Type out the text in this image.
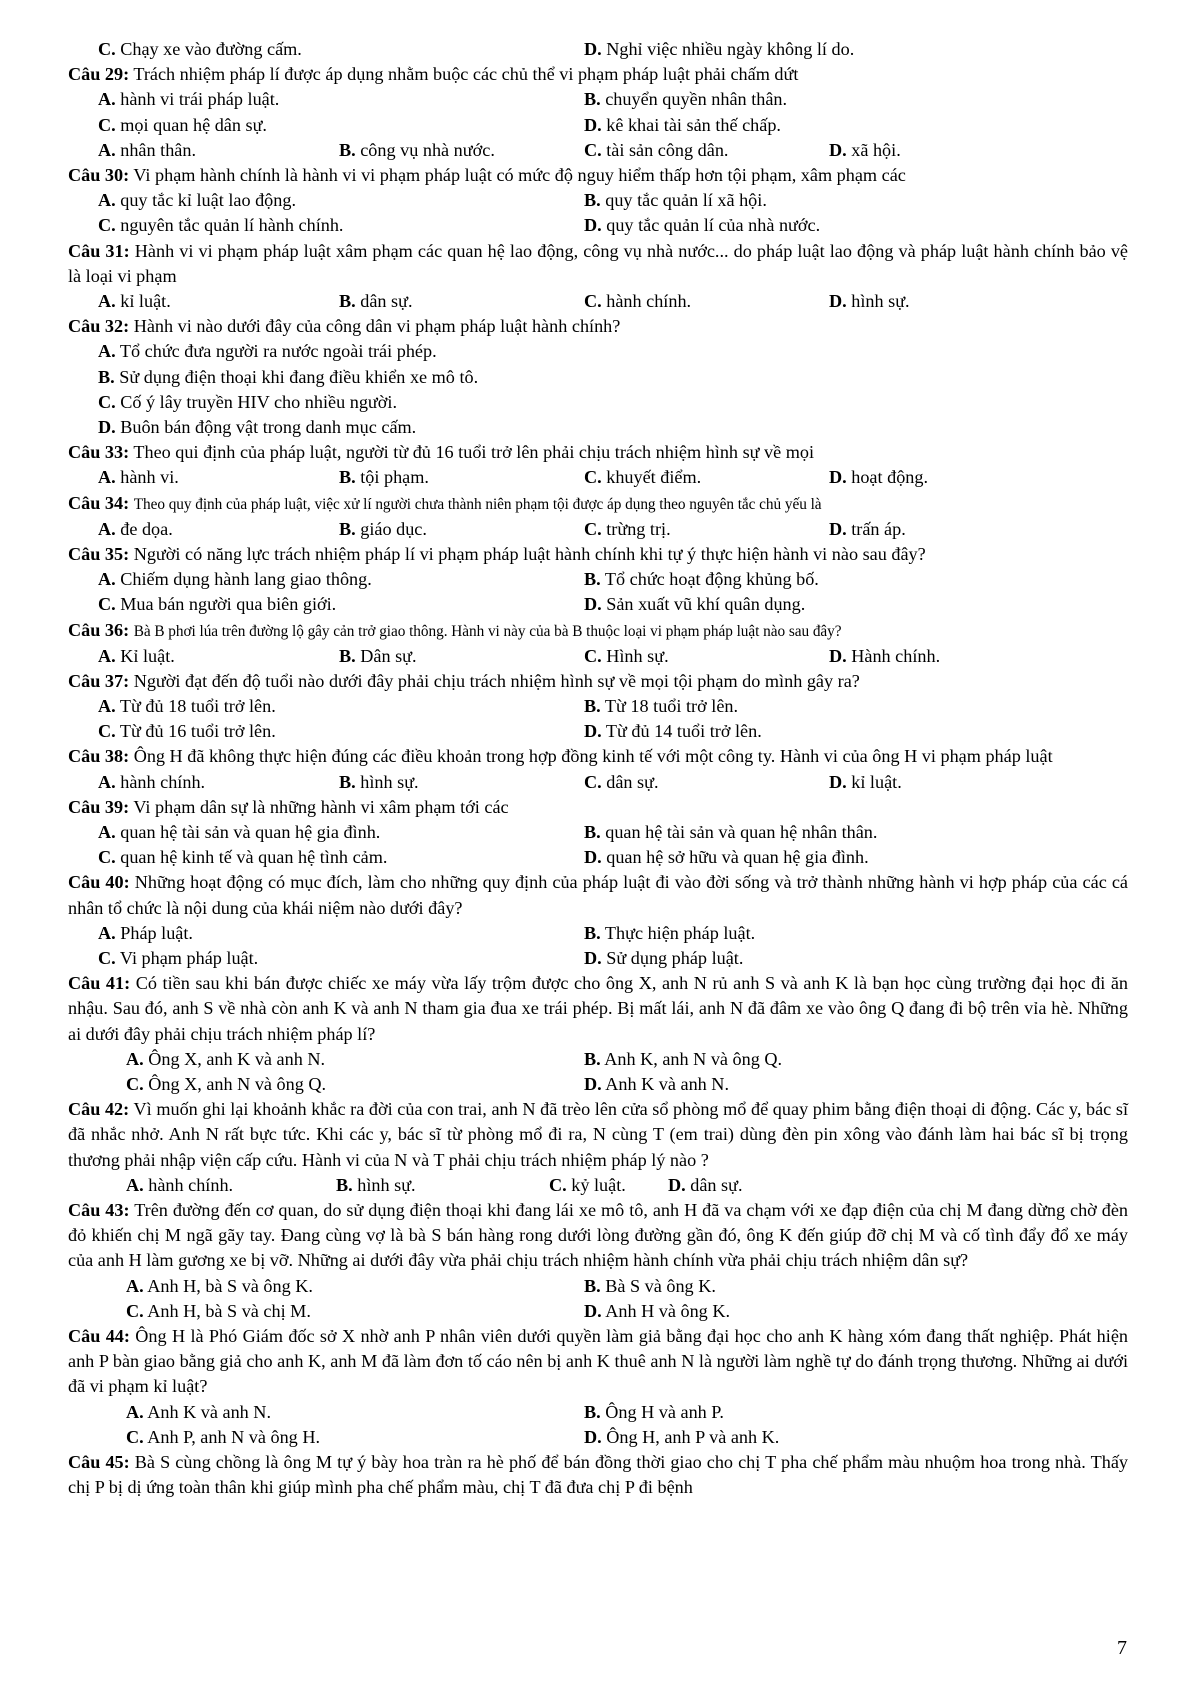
C. Chạy xe vào đường cấm.	D. Nghỉ việc nhiều ngày không lí do.
Câu 29: Trách nhiệm pháp lí được áp dụng nhằm buộc các chủ thể vi phạm pháp luật phải chấm dứt
A. hành vi trái pháp luật.	B. chuyển quyền nhân thân.
C. mọi quan hệ dân sự.	D. kê khai tài sản thế chấp.
A. nhân thân.	B. công vụ nhà nước.	C. tài sản công dân.	D. xã hội.
Câu 30: Vi phạm hành chính là hành vi vi phạm pháp luật có mức độ nguy hiểm thấp hơn tội phạm, xâm phạm các
A. quy tắc kỉ luật lao động.	B. quy tắc quản lí xã hội.
C. nguyên tắc quản lí hành chính.	D. quy tắc quản lí của nhà nước.
Câu 31: Hành vi vi phạm pháp luật xâm phạm các quan hệ lao động, công vụ nhà nước... do pháp luật lao động và pháp luật hành chính bảo vệ là loại vi phạm
A. kỉ luật.	B. dân sự.	C. hành chính.	D. hình sự.
Câu 32: Hành vi nào dưới đây của công dân vi phạm pháp luật hành chính?
A. Tổ chức đưa người ra nước ngoài trái phép.
B. Sử dụng điện thoại khi đang điều khiển xe mô tô.
C. Cố ý lây truyền HIV cho nhiều người.
D. Buôn bán động vật trong danh mục cấm.
Câu 33: Theo qui định của pháp luật, người từ đủ 16 tuổi trở lên phải chịu trách nhiệm hình sự về mọi
A. hành vi.	B. tội phạm.	C. khuyết điểm.	D. hoạt động.
Câu 34: Theo quy định của pháp luật, việc xử lí người chưa thành niên phạm tội được áp dụng theo nguyên tắc chủ yếu là
A. đe dọa.	B. giáo dục.	C. trừng trị.	D. trấn áp.
Câu 35: Người có năng lực trách nhiệm pháp lí vi phạm pháp luật hành chính khi tự ý thực hiện hành vi nào sau đây?
A. Chiếm dụng hành lang giao thông.	B. Tổ chức hoạt động khủng bố.
C. Mua bán người qua biên giới.	D. Sản xuất vũ khí quân dụng.
Câu 36: Bà B phơi lúa trên đường lộ gây cản trở giao thông. Hành vi này của bà B thuộc loại vi phạm pháp luật nào sau đây?
A. Kỉ luật.	B. Dân sự.	C. Hình sự.	D. Hành chính.
Câu 37: Người đạt đến độ tuổi nào dưới đây phải chịu trách nhiệm hình sự về mọi tội phạm do mình gây ra?
A. Từ đủ 18 tuổi trở lên.	B. Từ 18 tuổi trở lên.
C. Từ đủ 16 tuổi trở lên.	D. Từ đủ 14 tuổi trở lên.
Câu 38: Ông H đã không thực hiện đúng các điều khoản trong hợp đồng kinh tế với một công ty. Hành vi của ông H vi phạm pháp luật
A. hành chính.	B. hình sự.	C. dân sự.	D. kỉ luật.
Câu 39: Vi phạm dân sự là những hành vi xâm phạm tới các
A. quan hệ tài sản và quan hệ gia đình.	B. quan hệ tài sản và quan hệ nhân thân.
C. quan hệ kinh tế và quan hệ tình cảm.	D. quan hệ sở hữu và quan hệ gia đình.
Câu 40: Những hoạt động có mục đích, làm cho những quy định của pháp luật đi vào đời sống và trở thành những hành vi hợp pháp của các cá nhân tổ chức là nội dung của khái niệm nào dưới đây?
A. Pháp luật.	B. Thực hiện pháp luật.
C. Vi phạm pháp luật.	D. Sử dụng pháp luật.
Câu 41: Có tiền sau khi bán được chiếc xe máy vừa lấy trộm được cho ông X, anh N rủ anh S và anh K là bạn học cùng trường đại học đi ăn nhậu. Sau đó, anh S về nhà còn anh K và anh N tham gia đua xe trái phép. Bị mất lái, anh N đã đâm xe vào ông Q đang đi bộ trên vỉa hè. Những ai dưới đây phải chịu trách nhiệm pháp lí?
A. Ông X, anh K và anh N.	B. Anh K, anh N và ông Q.
C. Ông X, anh N và ông Q.	D. Anh K và anh N.
Câu 42: Vì muốn ghi lại khoảnh khắc ra đời của con trai, anh N đã trèo lên cửa sổ phòng mổ để quay phim bằng điện thoại di động. Các y, bác sĩ đã nhắc nhở. Anh N rất bực tức. Khi các y, bác sĩ từ phòng mổ đi ra, N cùng T (em trai) dùng đèn pin xông vào đánh làm hai bác sĩ bị trọng thương phải nhập viện cấp cứu. Hành vi của N và T phải chịu trách nhiệm pháp lý nào ?
A. hành chính.	B. hình sự.	C. kỷ luật. D. dân sự.
Câu 43: Trên đường đến cơ quan, do sử dụng điện thoại khi đang lái xe mô tô, anh H đã va chạm với xe đạp điện của chị M đang dừng chờ đèn đỏ khiến chị M ngã gãy tay. Đang cùng vợ là bà S bán hàng rong dưới lòng đường gần đó, ông K đến giúp đỡ chị M và cố tình đẩy đổ xe máy của anh H làm gương xe bị vỡ. Những ai dưới đây vừa phải chịu trách nhiệm hành chính vừa phải chịu trách nhiệm dân sự?
A. Anh H, bà S và ông K.	B. Bà S và ông K.
C. Anh H, bà S và chị M.	D. Anh H và ông K.
Câu 44: Ông H là Phó Giám đốc sở X nhờ anh P nhân viên dưới quyền làm giả bằng đại học cho anh K hàng xóm đang thất nghiệp. Phát hiện anh P bàn giao bằng giả cho anh K, anh M đã làm đơn tố cáo nên bị anh K thuê anh N là người làm nghề tự do đánh trọng thương. Những ai dưới đã vi phạm kỉ luật?
A. Anh K và anh N.	B. Ông H và anh P.
C. Anh P, anh N và ông H.	D. Ông H, anh P và anh K.
Câu 45: Bà S cùng chồng là ông M tự ý bày hoa tràn ra hè phố để bán đồng thời giao cho chị T pha chế phẩm màu nhuộm hoa trong nhà. Thấy chị P bị dị ứng toàn thân khi giúp mình pha chế phẩm màu, chị T đã đưa chị P đi bệnh
7
